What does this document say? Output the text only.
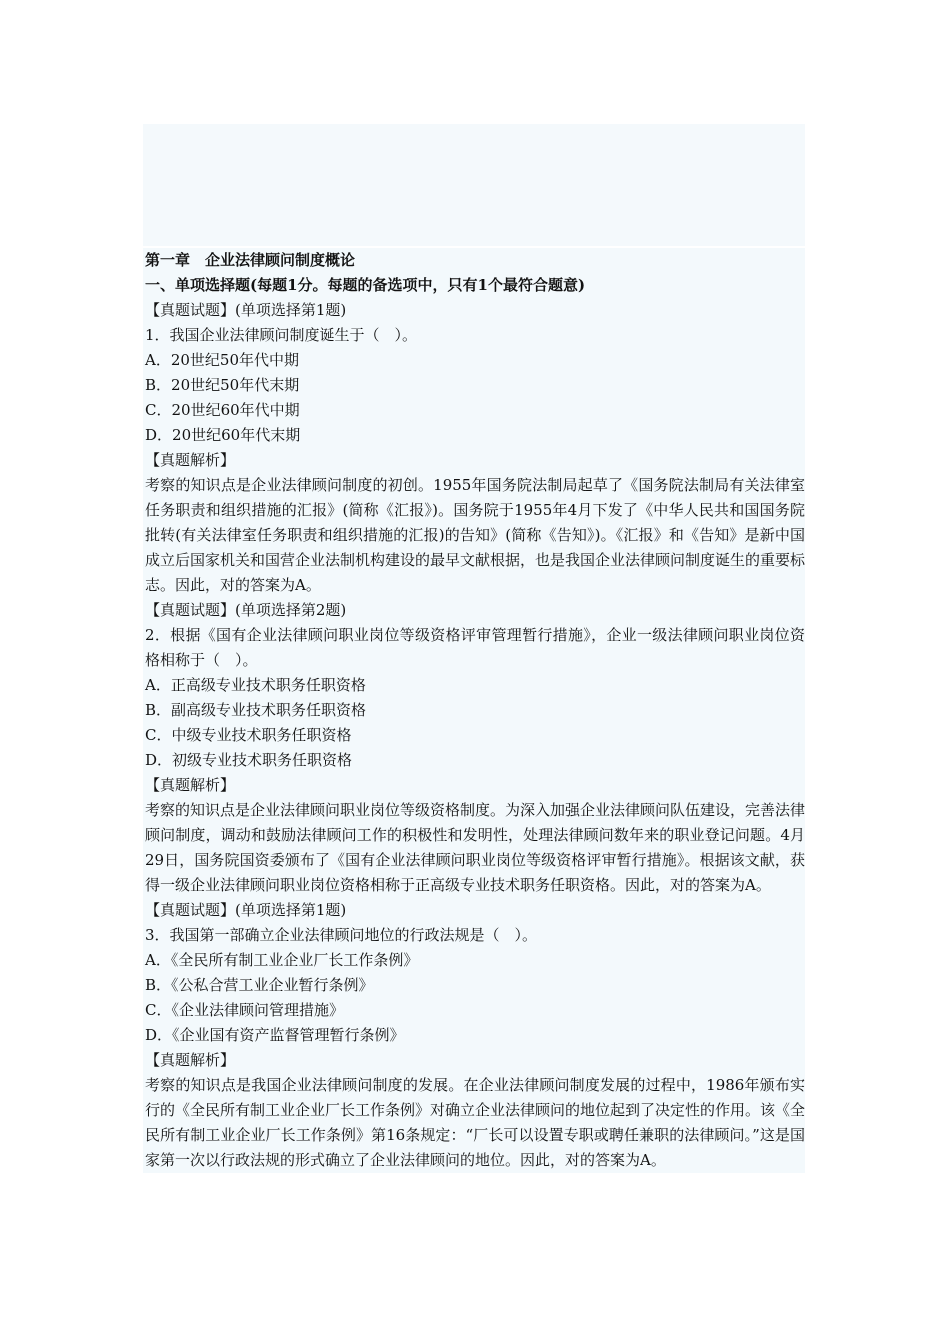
第一章　企业法律顾问制度概论
一、单项选择题(每题1分。每题的备选项中，只有1个最符合题意)
【真题试题】(单项选择第1题)
1．我国企业法律顾问制度诞生于（　）。
A．20世纪50年代中期
B．20世纪50年代末期
C．20世纪60年代中期
D．20世纪60年代末期
【真题解析】
考察的知识点是企业法律顾问制度的初创。1955年国务院法制局起草了《国务院法制局有关法律室任务职责和组织措施的汇报》(简称《汇报》)。国务院于1955年4月下发了《中华人民共和国国务院批转(有关法律室任务职责和组织措施的汇报)的告知》(简称《告知》)。《汇报》和《告知》是新中国成立后国家机关和国营企业法制机构建设的最早文献根据，也是我国企业法律顾问制度诞生的重要标志。因此，对的答案为A。
【真题试题】(单项选择第2题)
2．根据《国有企业法律顾问职业岗位等级资格评审管理暂行措施》，企业一级法律顾问职业岗位资格相称于（　）。
A．正高级专业技术职务任职资格
B．副高级专业技术职务任职资格
C．中级专业技术职务任职资格
D．初级专业技术职务任职资格
【真题解析】
考察的知识点是企业法律顾问职业岗位等级资格制度。为深入加强企业法律顾问队伍建设，完善法律顾问制度，调动和鼓励法律顾问工作的积极性和发明性，处理法律顾问数年来的职业登记问题。4月29日，国务院国资委颁布了《国有企业法律顾问职业岗位等级资格评审暂行措施》。根据该文献，获得一级企业法律顾问职业岗位资格相称于正高级专业技术职务任职资格。因此，对的答案为A。
【真题试题】(单项选择第1题)
3．我国第一部确立企业法律顾问地位的行政法规是（　）。
A．《全民所有制工业企业厂长工作条例》
B．《公私合营工业企业暂行条例》
C．《企业法律顾问管理措施》
D．《企业国有资产监督管理暂行条例》
【真题解析】
考察的知识点是我国企业法律顾问制度的发展。在企业法律顾问制度发展的过程中，1986年颁布实行的《全民所有制工业企业厂长工作条例》对确立企业法律顾问的地位起到了决定性的作用。该《全民所有制工业企业厂长工作条例》第16条规定：“厂长可以设置专职或聘任兼职的法律顾问。”这是国家第一次以行政法规的形式确立了企业法律顾问的地位。因此，对的答案为A。
